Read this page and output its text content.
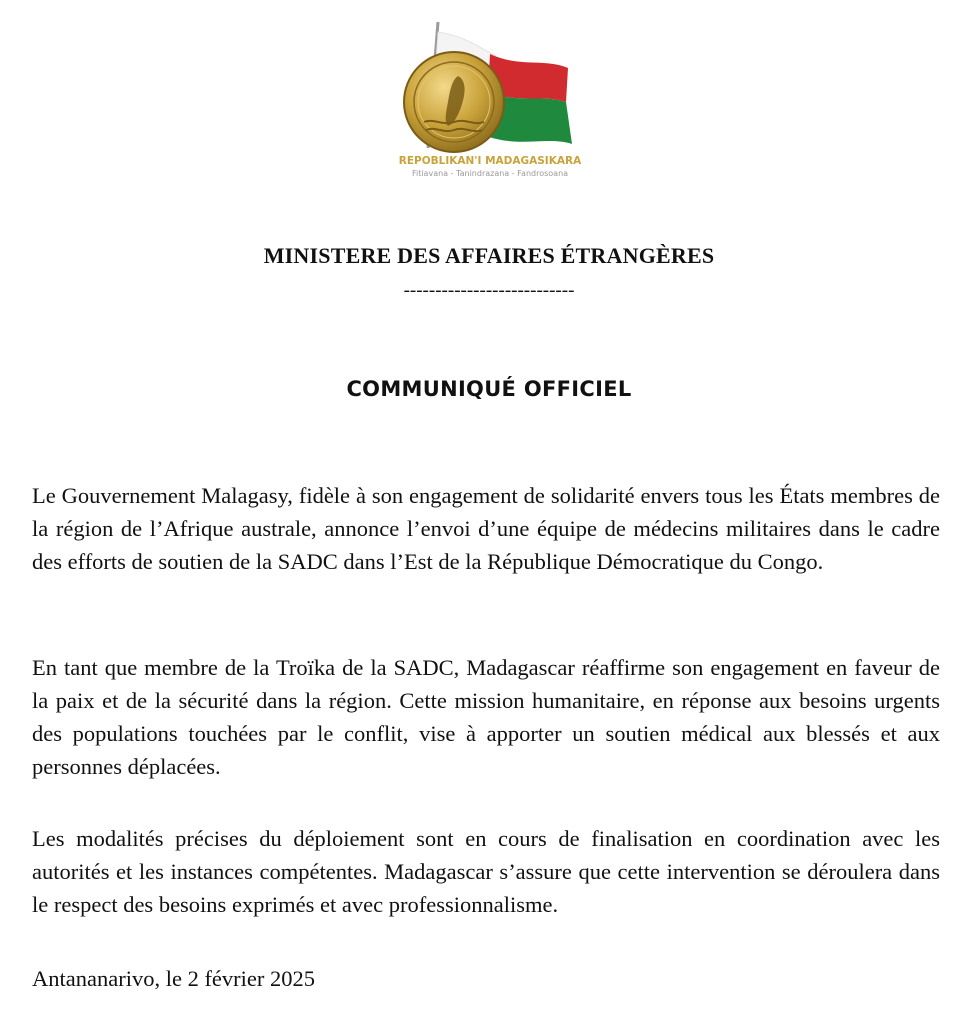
REPOBLIKAN'I MADAGASIKARA
Fitiavana - Tanindrazana - Fandrosoana
MINISTERE DES AFFAIRES ÉTRANGÈRES
---------------------------
COMMUNIQUÉ OFFICIEL

Le Gouvernement Malagasy, fidèle à son engagement de solidarité envers tous les États membres de la région de l’Afrique australe, annonce l’envoi d’une équipe de médecins militaires dans le cadre des efforts de soutien de la SADC dans l’Est de la République Démocratique du Congo.

En tant que membre de la Troïka de la SADC, Madagascar réaffirme son engagement en faveur de la paix et de la sécurité dans la région. Cette mission humanitaire, en réponse aux besoins urgents des populations touchées par le conflit, vise à apporter un soutien médical aux blessés et aux personnes déplacées.

Les modalités précises du déploiement sont en cours de finalisation en coordination avec les autorités et les instances compétentes. Madagascar s’assure que cette intervention se déroulera dans le respect des besoins exprimés et avec professionnalisme.

Antananarivo, le 2 février 2025
